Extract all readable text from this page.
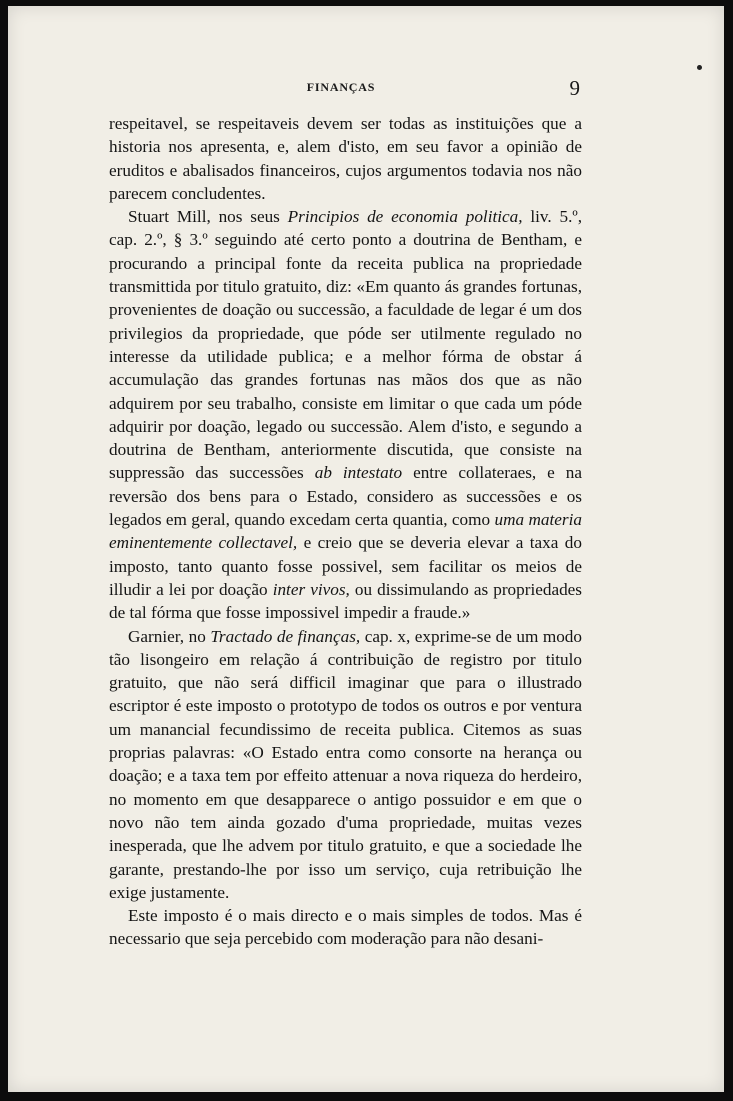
FINANÇAS	9

respeitavel, se respeitaveis devem ser todas as instituições que a historia nos apresenta, e, alem d'isto, em seu favor a opinião de eruditos e abalisados financeiros, cujos argumentos todavia nos não parecem concludentes.

Stuart Mill, nos seus Principios de economia politica, liv. 5.º, cap. 2.º, § 3.º seguindo até certo ponto a doutrina de Bentham, e procurando a principal fonte da receita publica na propriedade transmittida por titulo gratuito, diz: «Em quanto ás grandes fortunas, provenientes de doação ou successão, a faculdade de legar é um dos privilegios da propriedade, que póde ser utilmente regulado no interesse da utilidade publica; e a melhor fórma de obstar á accumulação das grandes fortunas nas mãos dos que as não adquirem por seu trabalho, consiste em limitar o que cada um póde adquirir por doação, legado ou successão. Alem d'isto, e segundo a doutrina de Bentham, anteriormente discutida, que consiste na suppressão das successões ab intestato entre collateraes, e na reversão dos bens para o Estado, considero as successões e os legados em geral, quando excedam certa quantia, como uma materia eminentemente collectavel, e creio que se deveria elevar a taxa do imposto, tanto quanto fosse possivel, sem facilitar os meios de illudir a lei por doação inter vivos, ou dissimulando as propriedades de tal fórma que fosse impossivel impedir a fraude.»

Garnier, no Tractado de finanças, cap. x, exprime-se de um modo tão lisongeiro em relação á contribuição de registro por titulo gratuito, que não será difficil imaginar que para o illustrado escriptor é este imposto o prototypo de todos os outros e por ventura um manancial fecundissimo de receita publica. Citemos as suas proprias palavras: «O Estado entra como consorte na herança ou doação; e a taxa tem por effeito attenuar a nova riqueza do herdeiro, no momento em que desapparece o antigo possuidor e em que o novo não tem ainda gozado d'uma propriedade, muitas vezes inesperada, que lhe advem por titulo gratuito, e que a sociedade lhe garante, prestando-lhe por isso um serviço, cuja retribuição lhe exige justamente.

Este imposto é o mais directo e o mais simples de todos. Mas é necessario que seja percebido com moderação para não desani-
